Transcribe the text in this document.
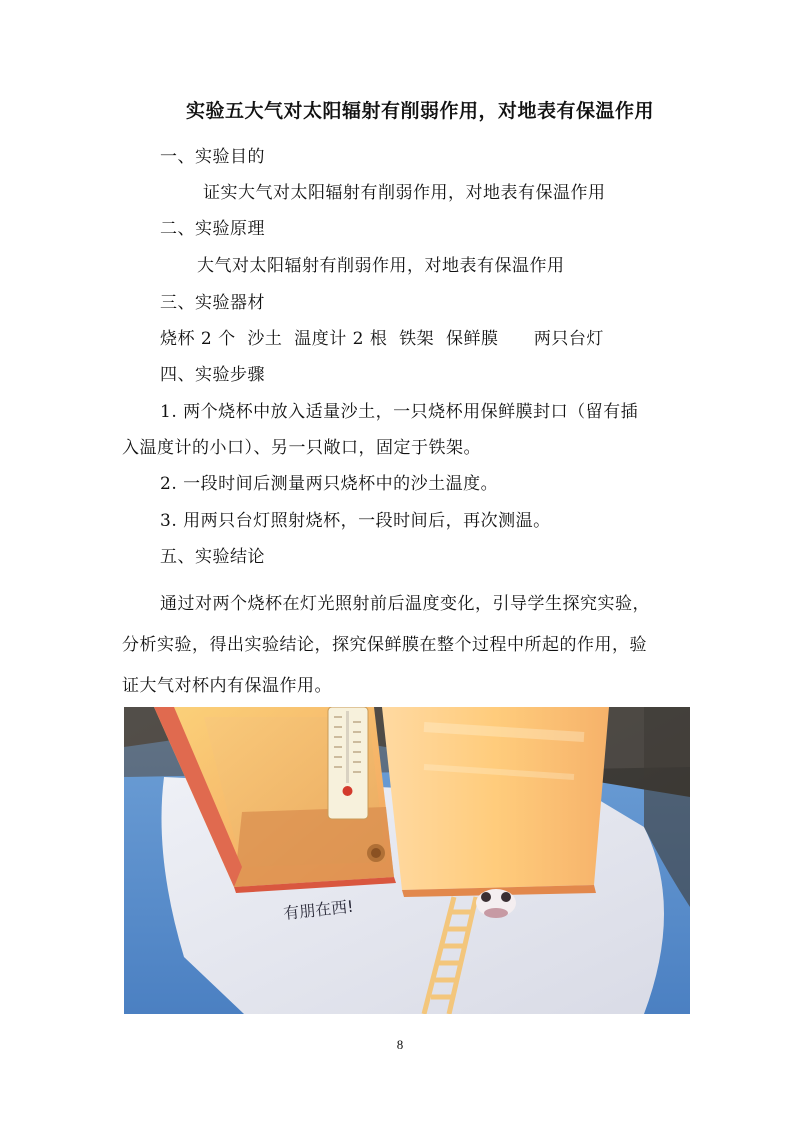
实验五大气对太阳辐射有削弱作用，对地表有保温作用
一、实验目的
证实大气对太阳辐射有削弱作用，对地表有保温作用
二、实验原理
大气对太阳辐射有削弱作用，对地表有保温作用
三、实验器材
烧杯 2 个  沙土  温度计 2 根  铁架  保鲜膜      两只台灯
四、实验步骤
1. 两个烧杯中放入适量沙土，一只烧杯用保鲜膜封口（留有插
入温度计的小口）、另一只敞口，固定于铁架。
2. 一段时间后测量两只烧杯中的沙土温度。
3. 用两只台灯照射烧杯，一段时间后，再次测温。
五、实验结论
通过对两个烧杯在灯光照射前后温度变化，引导学生探究实验，
分析实验，得出实验结论，探究保鲜膜在整个过程中所起的作用，验
证大气对杯内有保温作用。
有朋在西!
8
